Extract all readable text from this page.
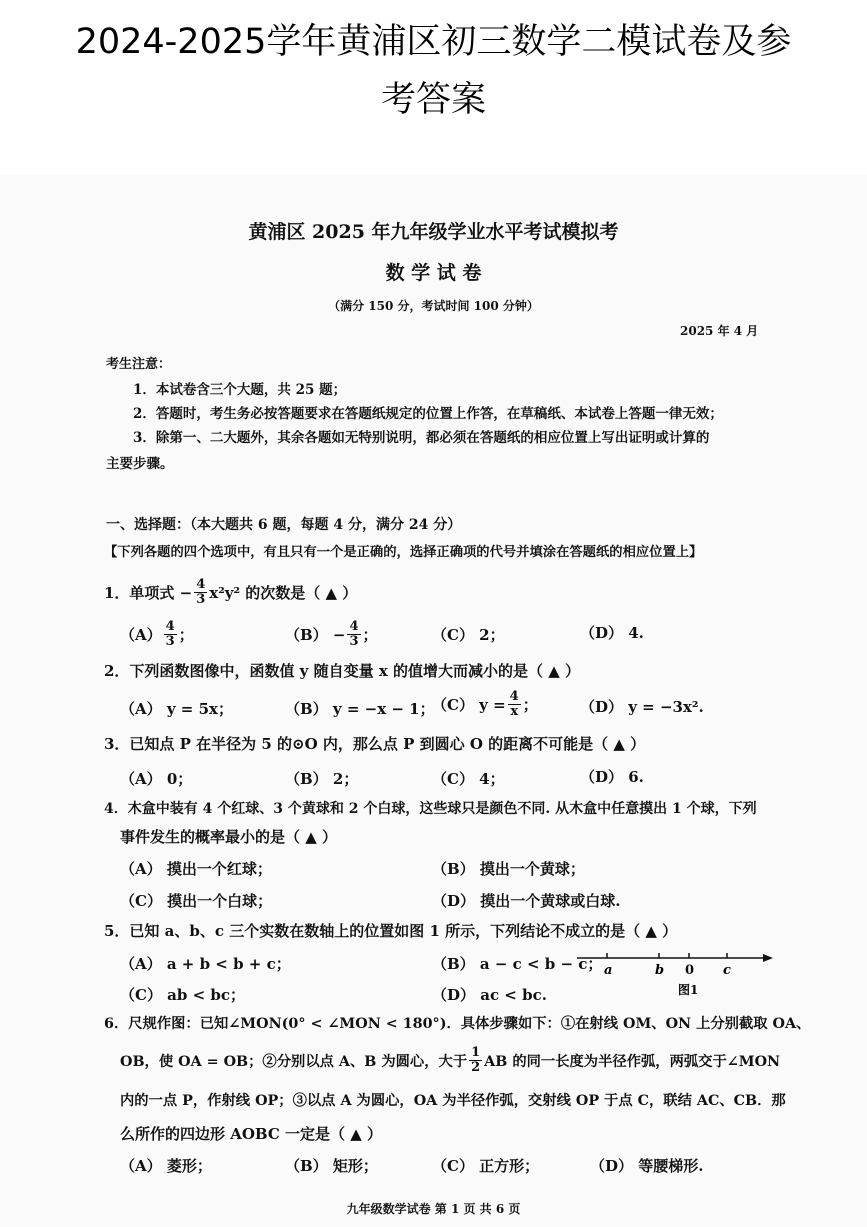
2024-2025学年黄浦区初三数学二模试卷及参
考答案
黄浦区 2025 年九年级学业水平考试模拟考
数 学 试 卷
（满分 150 分，考试时间 100 分钟）
2025 年 4 月
考生注意：
1．本试卷含三个大题，共 25 题；
2．答题时，考生务必按答题要求在答题纸规定的位置上作答，在草稿纸、本试卷上答题一律无效；
3．除第一、二大题外，其余各题如无特别说明，都必须在答题纸的相应位置上写出证明或计算的
主要步骤。
一、选择题：（本大题共 6 题，每题 4 分，满分 24 分）
【下列各题的四个选项中，有且只有一个是正确的，选择正确项的代号并填涂在答题纸的相应位置上】
1．单项式 − $\frac{4}{3} x^2y^2$ 的次数是（ ▲ ）
$(A) \frac{4}{3}$ ；	$(B) - \frac{4}{3}$ ；	（C） 2；	（D） 4.
2．下列函数图像中，函数值 y 随自变量 x 的值增大而减小的是（ ▲ ）
（A） y = 5x；	（B） y = −x − 1；
（C） $y = \frac{4}{x}$ ；	（D） y = −3x².
3．已知点 P 在半径为 5 的⊙O 内，那么点 P 到圆心 O 的距离不可能是（ ▲ ）
（A） 0；	（B） 2；	（C） 4；	（D） 6.
4．木盒中装有 4 个红球、3 个黄球和 2 个白球，这些球只是颜色不同. 从木盒中任意摸出 1 个球，下列
事件发生的概率最小的是（ ▲ ）
（A） 摸出一个红球；	（B） 摸出一个黄球；
（C） 摸出一个白球；	（D） 摸出一个黄球或白球.
5．已知 a、b、c 三个实数在数轴上的位置如图 1 所示，下列结论不成立的是（ ▲ ）
（A） a + b < b + c；	（B） a − c < b − c；
（C） ab < bc；	（D） ac < bc.
a	b 0 c
图1
6．尺规作图：已知∠MON(0° < ∠MON < 180°)．具体步骤如下：①在射线 OM、ON 上分别截取 OA、
OB，使 OA = OB；②分别以点 A、B 为圆心，大于 $\frac{1}{2}$ AB 的同一长度为半径作弧，两弧交于∠MON
内的一点 P，作射线 OP；③以点 A 为圆心，OA 为半径作弧，交射线 OP 于点 C，联结 AC、CB．那
么所作的四边形 AOBC 一定是（ ▲ ）
（A） 菱形；	（B） 矩形；	（C） 正方形；	（D） 等腰梯形.
九年级数学试卷 第 1 页 共 6 页
